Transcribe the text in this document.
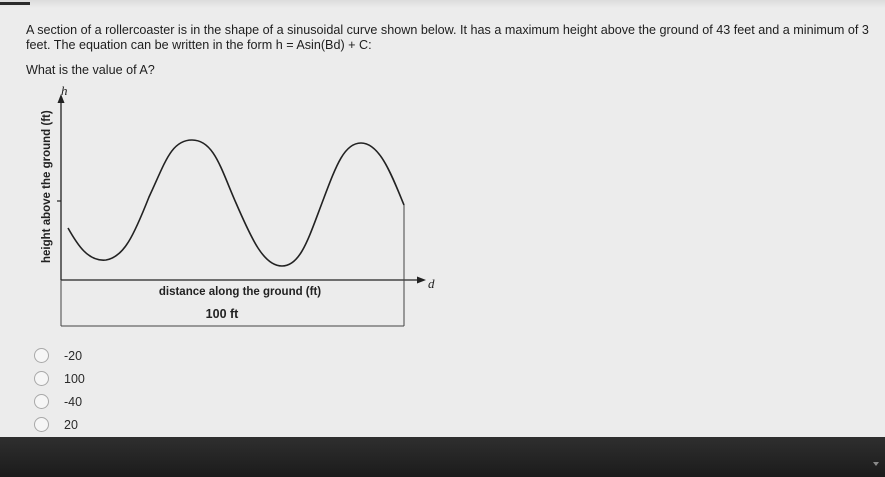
A section of a rollercoaster is in the shape of a sinusoidal curve shown below. It has a maximum height above the ground of 43 feet and a minimum of 3 feet. The equation can be written in the form h = Asin(Bd) + C:
What is the value of A?
h
d
height above the ground (ft)
distance along the ground (ft)
100 ft
-20
100
-40
20
